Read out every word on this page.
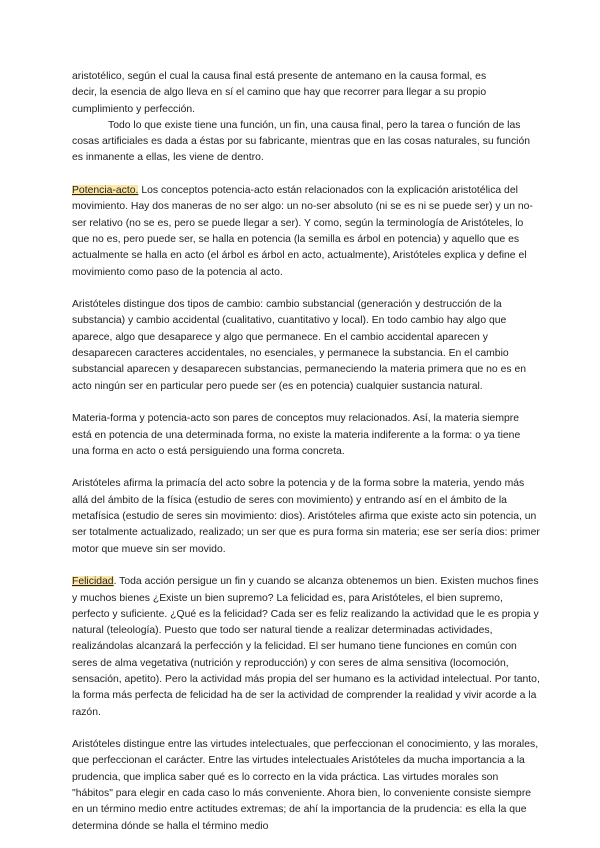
aristotélico, según el cual la causa final está presente de antemano en la causa formal, es

decir, la esencia de algo lleva en sí el camino que hay que recorrer para llegar a su propio

cumplimiento y perfección.

Todo lo que existe tiene una función, un fin, una causa final, pero la tarea o función de las cosas artificiales es dada a éstas por su fabricante, mientras que en las cosas naturales, su función es inmanente a ellas, les viene de dentro.

Potencia-acto. Los conceptos potencia-acto están relacionados con la explicación aristotélica del movimiento. Hay dos maneras de no ser algo: un no-ser absoluto (ni se es ni se puede ser) y un no-ser relativo (no se es, pero se puede llegar a ser). Y como, según la terminología de Aristóteles, lo que no es, pero puede ser, se halla en potencia (la semilla es árbol en potencia) y aquello que es actualmente se halla en acto (el árbol es árbol en acto, actualmente), Aristóteles explica y define el movimiento como paso de la potencia al acto.

Aristóteles distingue dos tipos de cambio: cambio substancial (generación y destrucción de la substancia) y cambio accidental (cualitativo, cuantitativo y local). En todo cambio hay algo que aparece, algo que desaparece y algo que permanece. En el cambio accidental aparecen y desaparecen caracteres accidentales, no esenciales, y permanece la substancia. En el cambio substancial aparecen y desaparecen substancias, permaneciendo la materia primera que no es en acto ningún ser en particular pero puede ser (es en potencia) cualquier sustancia natural.

Materia-forma y potencia-acto son pares de conceptos muy relacionados. Así, la materia siempre está en potencia de una determinada forma, no existe la materia indiferente a la forma: o ya tiene una forma en acto o está persiguiendo una forma concreta.

Aristóteles afirma la primacía del acto sobre la potencia y de la forma sobre la materia, yendo más allá del ámbito de la física (estudio de seres con movimiento) y entrando así en el ámbito de la metafísica (estudio de seres sin movimiento: dios). Aristóteles afirma que existe acto sin potencia, un ser totalmente actualizado, realizado; un ser que es pura forma sin materia; ese ser sería dios: primer motor que mueve sin ser movido.

Felicidad. Toda acción persigue un fin y cuando se alcanza obtenemos un bien. Existen muchos fines y muchos bienes ¿Existe un bien supremo? La felicidad es, para Aristóteles, el bien supremo, perfecto y suficiente. ¿Qué es la felicidad? Cada ser es feliz realizando la actividad que le es propia y natural (teleología). Puesto que todo ser natural tiende a realizar determinadas actividades, realizándolas alcanzará la perfección y la felicidad. El ser humano tiene funciones en común con seres de alma vegetativa (nutrición y reproducción) y con seres de alma sensitiva (locomoción, sensación, apetito). Pero la actividad más propia del ser humano es la actividad intelectual. Por tanto, la forma más perfecta de felicidad ha de ser la actividad de comprender la realidad y vivir acorde a la razón.

Aristóteles distingue entre las virtudes intelectuales, que perfeccionan el conocimiento, y las morales, que perfeccionan el carácter. Entre las virtudes intelectuales Aristóteles da mucha importancia a la prudencia, que implica saber qué es lo correcto en la vida práctica. Las virtudes morales son "hábitos" para elegir en cada caso lo más conveniente. Ahora bien, lo conveniente consiste siempre en un término medio entre actitudes extremas; de ahí la importancia de la prudencia: es ella la que determina dónde se halla el término medio
